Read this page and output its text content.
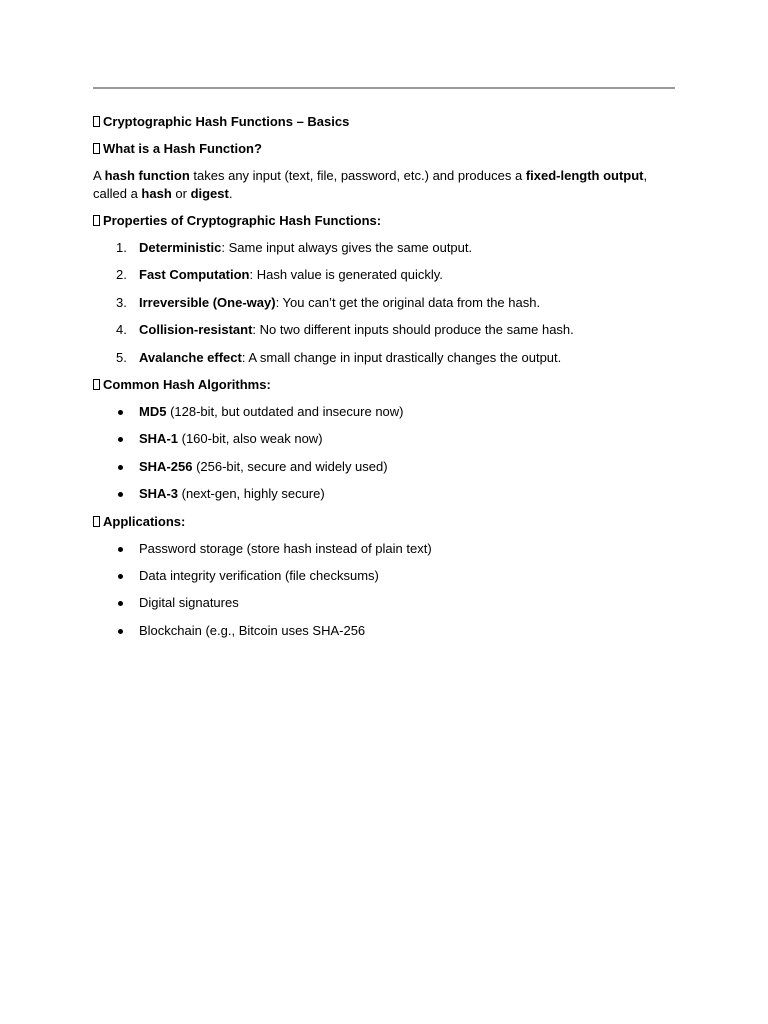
Cryptographic Hash Functions – Basics
What is a Hash Function?

A hash function takes any input (text, file, password, etc.) and produces a fixed-length output, called a hash or digest.

Properties of Cryptographic Hash Functions:
1. Deterministic: Same input always gives the same output.
2. Fast Computation: Hash value is generated quickly.
3. Irreversible (One-way): You can’t get the original data from the hash.
4. Collision-resistant: No two different inputs should produce the same hash.
5. Avalanche effect: A small change in input drastically changes the output.
Common Hash Algorithms:
MD5 (128-bit, but outdated and insecure now)
SHA-1 (160-bit, also weak now)
SHA-256 (256-bit, secure and widely used)
SHA-3 (next-gen, highly secure)
Applications:
Password storage (store hash instead of plain text)
Data integrity verification (file checksums)
Digital signatures
Blockchain (e.g., Bitcoin uses SHA-256
